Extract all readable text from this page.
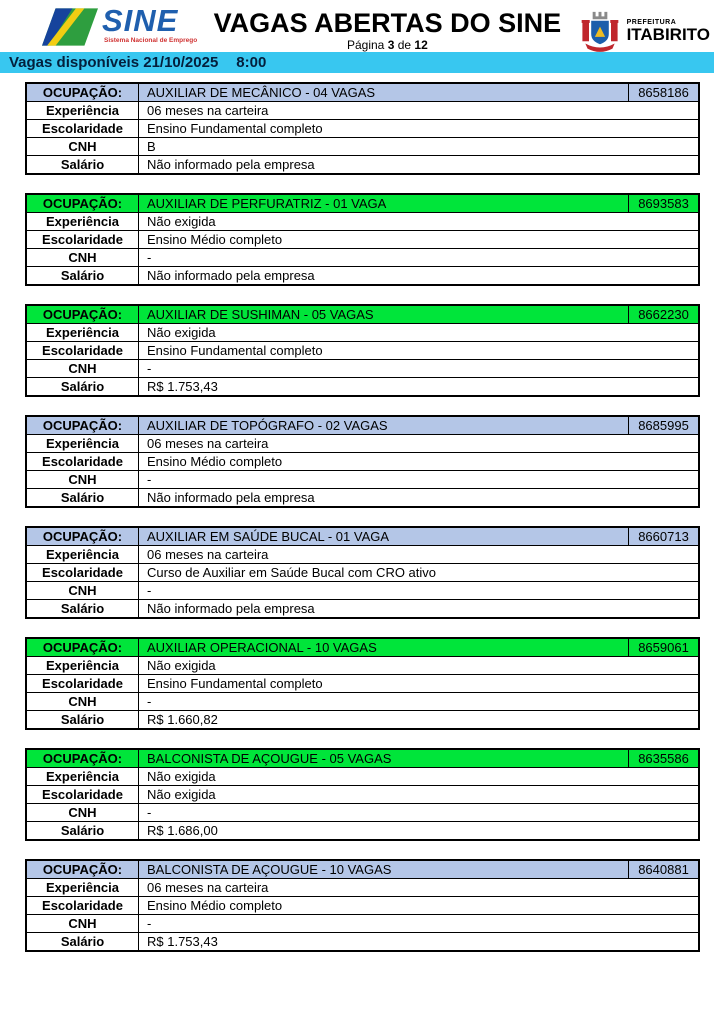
SINE
Sistema Nacional de Emprego
VAGAS ABERTAS DO SINE
Página 3 de 12
PREFEITURA
ITABIRITO
Vagas disponíveis 21/10/2025 8:00
OCUPAÇÃO:	AUXILIAR DE MECÂNICO - 04 VAGAS	8658186
Experiência	06 meses na carteira
Escolaridade	Ensino Fundamental completo
CNH	B
Salário	Não informado pela empresa
OCUPAÇÃO:	AUXILIAR DE PERFURATRIZ - 01 VAGA	8693583
Experiência	Não exigida
Escolaridade	Ensino Médio completo
CNH	-
Salário	Não informado pela empresa
OCUPAÇÃO:	AUXILIAR DE SUSHIMAN - 05 VAGAS	8662230
Experiência	Não exigida
Escolaridade	Ensino Fundamental completo
CNH	-
Salário	R$ 1.753,43
OCUPAÇÃO:	AUXILIAR DE TOPÓGRAFO - 02 VAGAS	8685995
Experiência	06 meses na carteira
Escolaridade	Ensino Médio completo
CNH	-
Salário	Não informado pela empresa
OCUPAÇÃO:	AUXILIAR EM SAÚDE BUCAL - 01 VAGA	8660713
Experiência	06 meses na carteira
Escolaridade	Curso de Auxiliar em Saúde Bucal com CRO ativo
CNH	-
Salário	Não informado pela empresa
OCUPAÇÃO:	AUXILIAR OPERACIONAL - 10 VAGAS	8659061
Experiência	Não exigida
Escolaridade	Ensino Fundamental completo
CNH	-
Salário	R$ 1.660,82
OCUPAÇÃO:	BALCONISTA DE AÇOUGUE - 05 VAGAS	8635586
Experiência	Não exigida
Escolaridade	Não exigida
CNH	-
Salário	R$ 1.686,00
OCUPAÇÃO:	BALCONISTA DE AÇOUGUE - 10 VAGAS	8640881
Experiência	06 meses na carteira
Escolaridade	Ensino Médio completo
CNH	-
Salário	R$ 1.753,43
